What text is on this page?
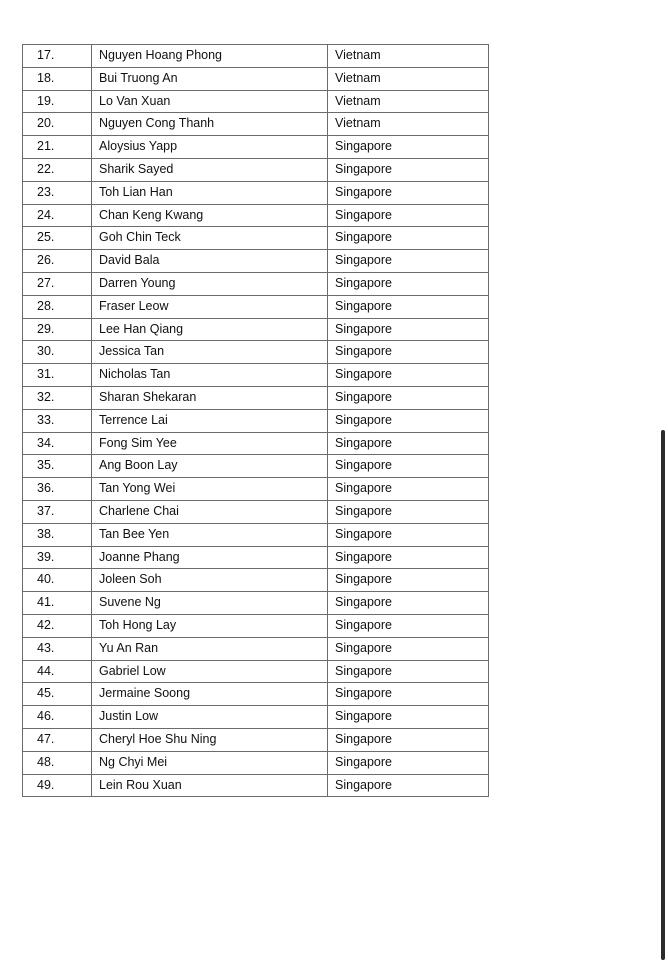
17.	Nguyen Hoang Phong	Vietnam
18.	Bui Truong An	Vietnam
19.	Lo Van Xuan	Vietnam
20.	Nguyen Cong Thanh	Vietnam
21.	Aloysius Yapp	Singapore
22.	Sharik Sayed	Singapore
23.	Toh Lian Han	Singapore
24.	Chan Keng Kwang	Singapore
25.	Goh Chin Teck	Singapore
26.	David Bala	Singapore
27.	Darren Young	Singapore
28.	Fraser Leow	Singapore
29.	Lee Han Qiang	Singapore
30.	Jessica Tan	Singapore
31.	Nicholas Tan	Singapore
32.	Sharan Shekaran	Singapore
33.	Terrence Lai	Singapore
34.	Fong Sim Yee	Singapore
35.	Ang Boon Lay	Singapore
36.	Tan Yong Wei	Singapore
37.	Charlene Chai	Singapore
38.	Tan Bee Yen	Singapore
39.	Joanne Phang	Singapore
40.	Joleen Soh	Singapore
41.	Suvene Ng	Singapore
42.	Toh Hong Lay	Singapore
43.	Yu An Ran	Singapore
44.	Gabriel Low	Singapore
45.	Jermaine Soong	Singapore
46.	Justin Low	Singapore
47.	Cheryl Hoe Shu Ning	Singapore
48.	Ng Chyi Mei	Singapore
49.	Lein Rou Xuan	Singapore
